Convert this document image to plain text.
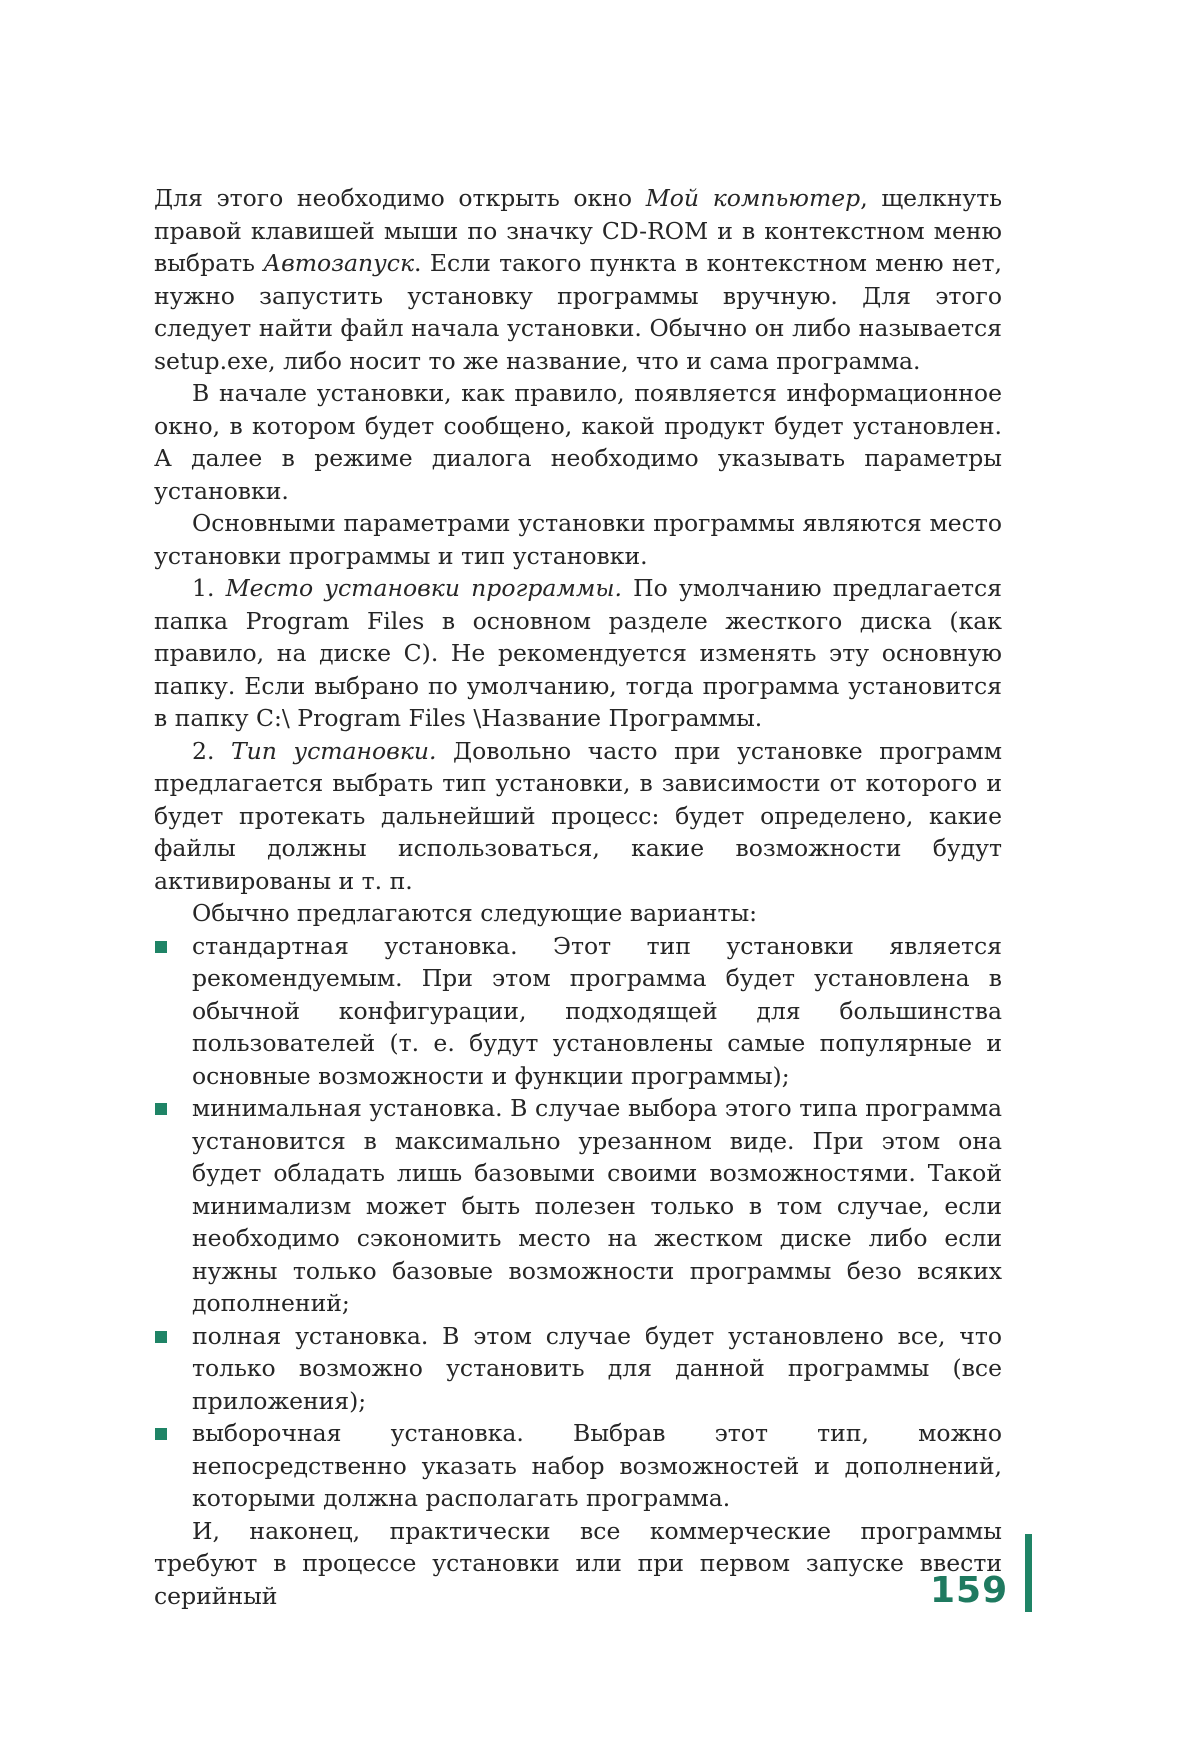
Для этого необходимо открыть окно Мой компьютер, щелкнуть правой клавишей мыши по значку CD-ROM и в контекстном меню выбрать Автозапуск. Если такого пункта в контекстном меню нет, нужно запустить установку программы вручную. Для этого следует найти файл начала установки. Обычно он либо называется setup.exe, либо носит то же название, что и сама программа.

В начале установки, как правило, появляется информационное окно, в котором будет сообщено, какой продукт будет установлен. А далее в режиме диалога необходимо указывать параметры установки.

Основными параметрами установки программы являются место установки программы и тип установки.

1. Место установки программы. По умолчанию предлагается папка Program Files в основном разделе жесткого диска (как правило, на диске C). Не рекомендуется изменять эту основную папку. Если выбрано по умолчанию, тогда программа установится в папку C:\ Program Files \Название Программы.

2. Тип установки. Довольно часто при установке программ предлагается выбрать тип установки, в зависимости от которого и будет протекать дальнейший процесс: будет определено, какие файлы должны использоваться, какие возможности будут активированы и т. п.

Обычно предлагаются следующие варианты:

стандартная установка. Этот тип установки является рекомендуемым. При этом программа будет установлена в обычной конфигурации, подходящей для большинства пользователей (т. е. будут установлены самые популярные и основные возможности и функции программы);
минимальная установка. В случае выбора этого типа программа установится в максимально урезанном виде. При этом она будет обладать лишь базовыми своими возможностями. Такой минимализм может быть полезен только в том случае, если необходимо сэкономить место на жестком диске либо если нужны только базовые возможности программы безо всяких дополнений;
полная установка. В этом случае будет установлено все, что только возможно установить для данной программы (все приложения);
выборочная установка. Выбрав этот тип, можно непосредственно указать набор возможностей и дополнений, которыми должна располагать программа.

И, наконец, практически все коммерческие программы требуют в процессе установки или при первом запуске ввести серийный	159
